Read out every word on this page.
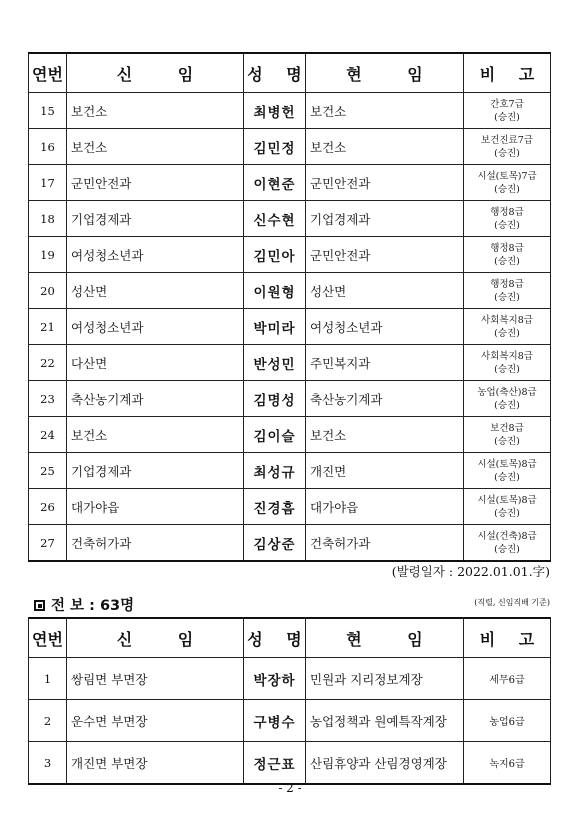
연번	신 임	성 명	현 임	비 고
15	보건소	최병헌	보건소	간호7급
(승진)

16	보건소	김민정	보건소	보건진료7급
(승진)

17	군민안전과	이현준	군민안전과	시설(토목)7급
(승진)

18	기업경제과	신수현	기업경제과	행정8급
(승진)

19	여성청소년과	김민아	군민안전과	행정8급
(승진)

20	성산면	이원형	성산면	행정8급
(승진)

21	여성청소년과	박미라	여성청소년과	사회복지8급
(승진)

22	다산면	반성민	주민복지과	사회복지8급
(승진)

23	축산농기계과	김명성	축산농기계과	농업(축산)8급
(승진)

24	보건소	김이슬	보건소	보건8급
(승진)

25	기업경제과	최성규	개진면	시설(토목)8급
(승진)

26	대가야읍	진경흠	대가야읍	시설(토목)8급
(승진)

27	건축허가과	김상준	건축허가과	시설(건축)8급
(승진)
(발령일자 : 2022.01.01.字)
전 보 : 63명	(직렬, 신임직배 기준)
연번	신 임	성 명	현 임	비 고
1	쌍림면 부면장	박장하	민원과 지리정보계장	세무6급
2	운수면 부면장	구병수	농업정책과 원예특작계장	농업6급
3	개진면 부면장	정근표	산림휴양과 산림경영계장	녹지6급
- 2 -
